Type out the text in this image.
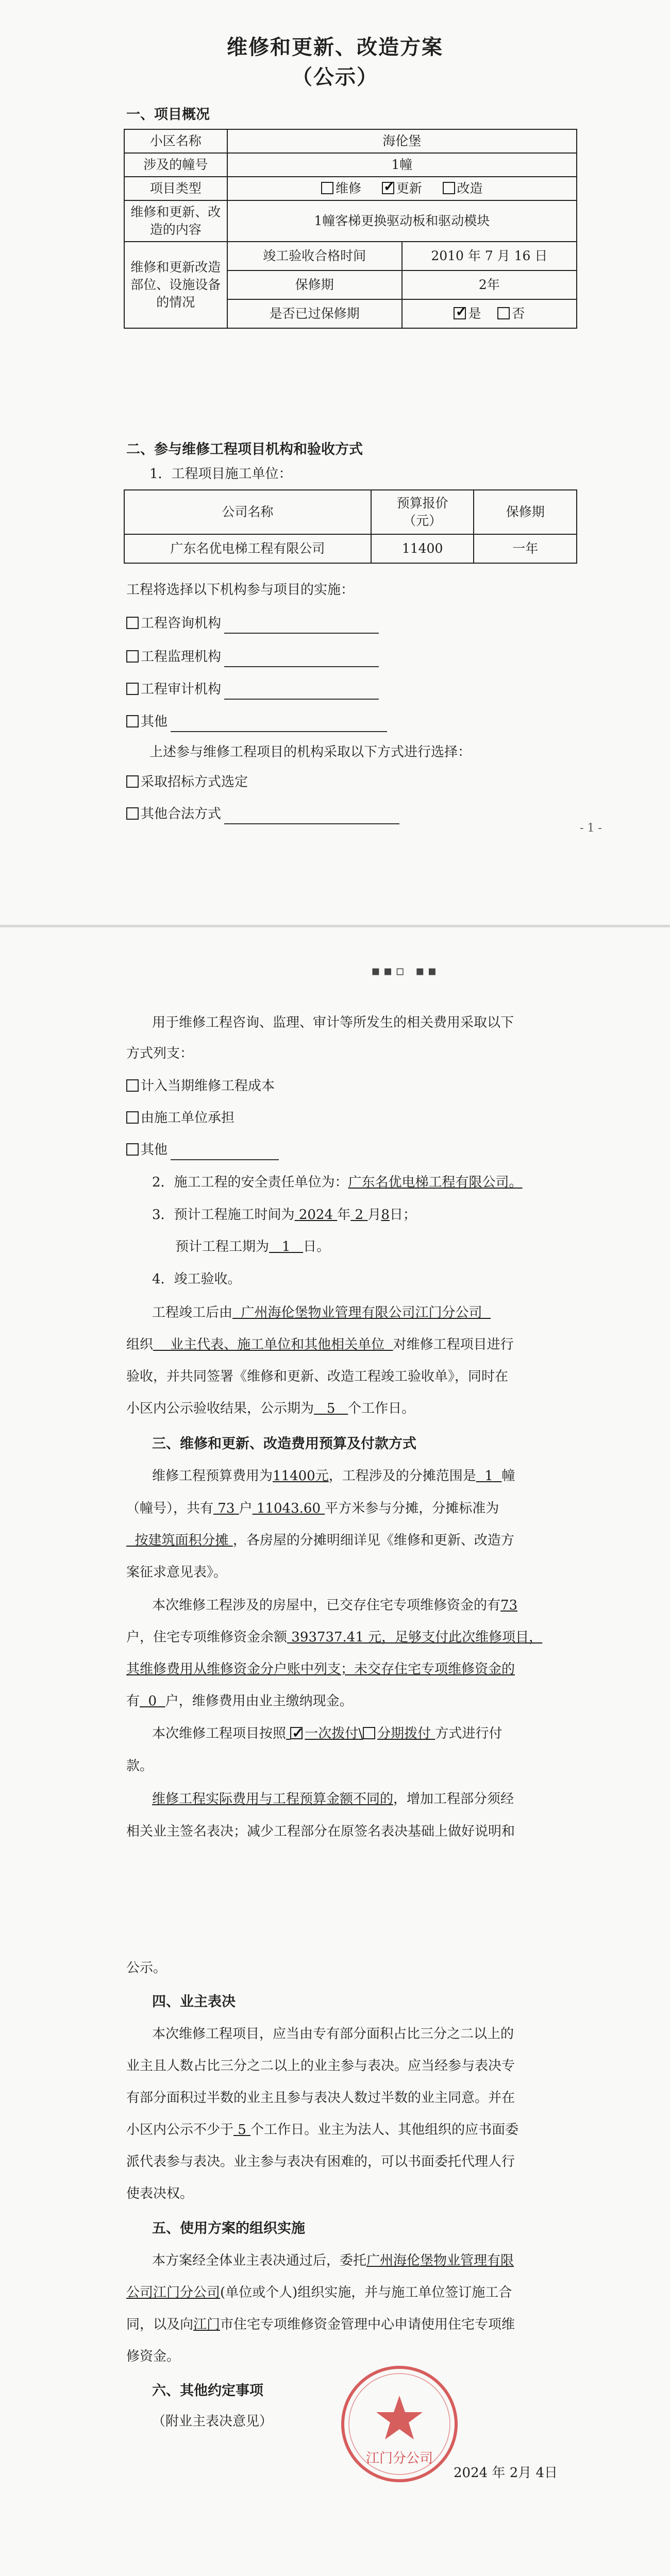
维修和更新、改造方案
（公示）
一、项目概况
小区名称	海伦堡	
涉及的幢号	1幢	
项目类型	维修 ✓ 更新 改造
维修和更新、改造的内容	1幢客梯更换驱动板和驱动模块	
维修和更新改造部位、设施设备的情况	竣工验收合格时间	2010 年 7 月 16 日
	保修期	2年
	是否已过保修期	✓是 否
二、参与维修工程项目机构和验收方式
1．工程项目施工单位：
公司名称	预算报价
（元）	保修期
广东名优电梯工程有限公司	11400	一年
工程将选择以下机构参与项目的实施：
工程咨询机构
工程监理机构
工程审计机构
其他
上述参与维修工程项目的机构采取以下方式进行选择：
采取招标方式选定
其他合法方式
- 1 -
▪▪▫ ▪▪
用于维修工程咨询、监理、审计等所发生的相关费用采取以下
方式列支：
计入当期维修工程成本
由施工单位承担
其他
2．施工工程的安全责任单位为：广东名优电梯工程有限公司。
3．预计工程施工时间为 2024 年 2 月8日；
预计工程工期为 1 日。
4．竣工验收。
工程竣工后由 广州海伦堡物业管理有限公司江门分公司
组织 业主代表、施工单位和其他相关单位 对维修工程项目进行
验收，并共同签署《维修和更新、改造工程竣工验收单》，同时在
小区内公示验收结果，公示期为 5 个工作日。
三、维修和更新、改造费用预算及付款方式
维修工程预算费用为11400元，工程涉及的分摊范围是 1 幢
（幢号），共有 73 户 11043.60 平方米参与分摊，分摊标准为
按建筑面积分摊 ，各房屋的分摊明细详见《维修和更新、改造方
案征求意见表》。
本次维修工程涉及的房屋中，已交存住宅专项维修资金的有73
户，住宅专项维修资金余额 393737.41 元，足够支付此次维修项目，
其维修费用从维修资金分户账中列支；未交存住宅专项维修资金的
有 0 户，维修费用由业主缴纳现金。
本次维修工程项目按照 ✓ 一次拨付\ 分期拨付 方式进行付
款。
维修工程实际费用与工程预算金额不同的，增加工程部分须经
相关业主签名表决；减少工程部分在原签名表决基础上做好说明和
公示。
四、业主表决
本次维修工程项目，应当由专有部分面积占比三分之二以上的
业主且人数占比三分之二以上的业主参与表决。应当经参与表决专
有部分面积过半数的业主且参与表决人数过半数的业主同意。并在
小区内公示不少于 5 个工作日。业主为法人、其他组织的应书面委
派代表参与表决。业主参与表决有困难的，可以书面委托代理人行
使表决权。
五、使用方案的组织实施
本方案经全体业主表决通过后，委托广州海伦堡物业管理有限
公司江门分公司(单位或个人)组织实施，并与施工单位签订施工合
同，以及向江门市住宅专项维修资金管理中心申请使用住宅专项维
修资金。
六、其他约定事项
（附业主表决意见）
江门分公司
2024 年 2月 4日
